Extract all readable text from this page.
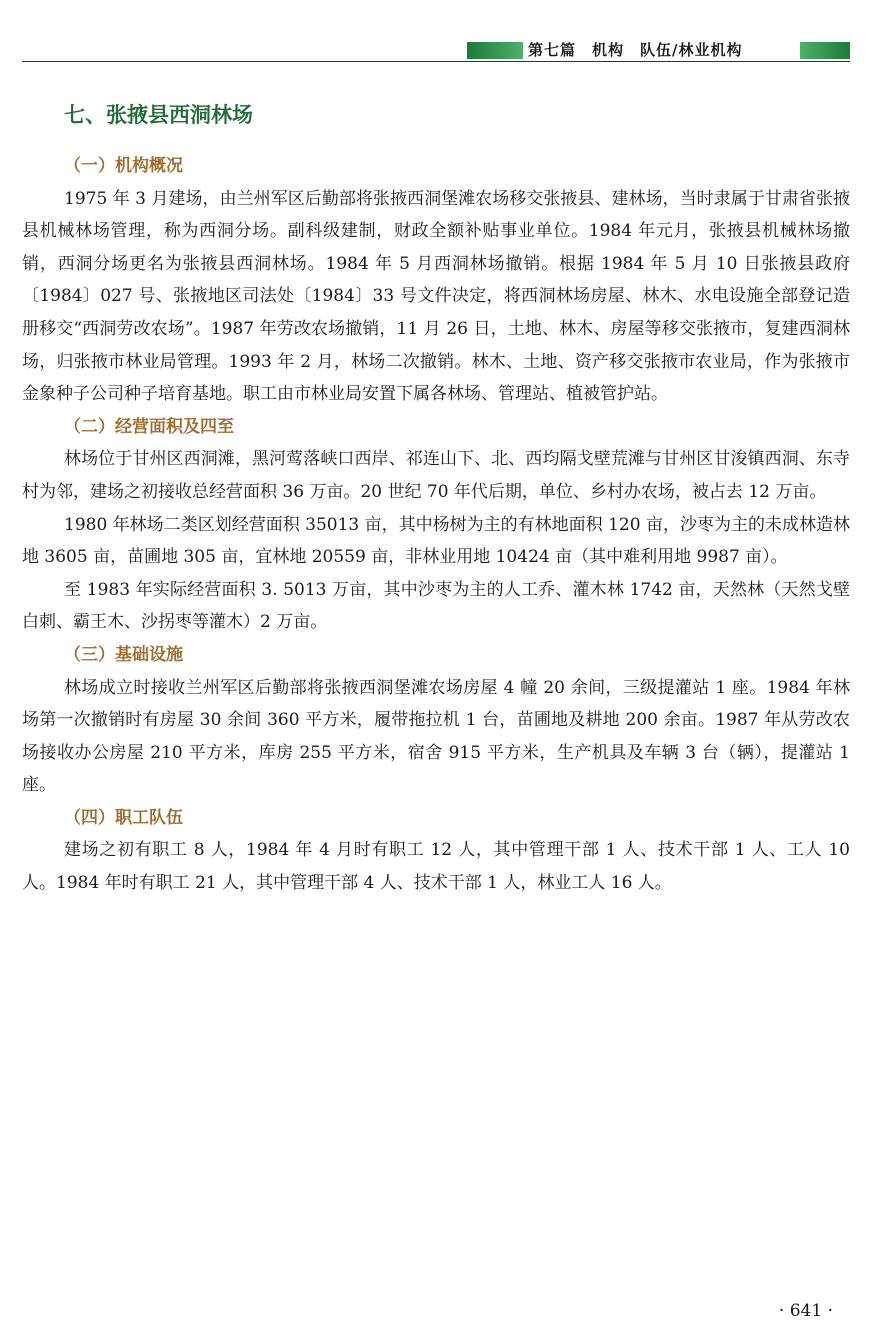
第七篇　机构　队伍/林业机构
七、张掖县西洞林场
（一）机构概况

1975 年 3 月建场，由兰州军区后勤部将张掖西洞堡滩农场移交张掖县、建林场，当时隶属于甘肃省张掖县机械林场管理，称为西洞分场。副科级建制，财政全额补贴事业单位。1984 年元月，张掖县机械林场撤销，西洞分场更名为张掖县西洞林场。1984 年 5 月西洞林场撤销。根据 1984 年 5 月 10 日张掖县政府〔1984〕027 号、张掖地区司法处〔1984〕33 号文件决定，将西洞林场房屋、林木、水电设施全部登记造册移交“西洞劳改农场”。1987 年劳改农场撤销，11 月 26 日，土地、林木、房屋等移交张掖市，复建西洞林场，归张掖市林业局管理。1993 年 2 月，林场二次撤销。林木、土地、资产移交张掖市农业局，作为张掖市金象种子公司种子培育基地。职工由市林业局安置下属各林场、管理站、植被管护站。

（二）经营面积及四至

林场位于甘州区西洞滩，黑河莺落峡口西岸、祁连山下、北、西均隔戈壁荒滩与甘州区甘浚镇西洞、东寺村为邻，建场之初接收总经营面积 36 万亩。20 世纪 70 年代后期，单位、乡村办农场，被占去 12 万亩。

1980 年林场二类区划经营面积 35013 亩，其中杨树为主的有林地面积 120 亩，沙枣为主的未成林造林地 3605 亩，苗圃地 305 亩，宜林地 20559 亩，非林业用地 10424 亩（其中难利用地 9987 亩）。

至 1983 年实际经营面积 3. 5013 万亩，其中沙枣为主的人工乔、灌木林 1742 亩，天然林（天然戈壁白刺、霸王木、沙拐枣等灌木）2 万亩。

（三）基础设施

林场成立时接收兰州军区后勤部将张掖西洞堡滩农场房屋 4 幢 20 余间，三级提灌站 1 座。1984 年林场第一次撤销时有房屋 30 余间 360 平方米，履带拖拉机 1 台，苗圃地及耕地 200 余亩。1987 年从劳改农场接收办公房屋 210 平方米，库房 255 平方米，宿舍 915 平方米，生产机具及车辆 3 台（辆），提灌站 1 座。

（四）职工队伍

建场之初有职工 8 人，1984 年 4 月时有职工 12 人，其中管理干部 1 人、技术干部 1 人、工人 10 人。1984 年时有职工 21 人，其中管理干部 4 人、技术干部 1 人，林业工人 16 人。

· 641 ·
